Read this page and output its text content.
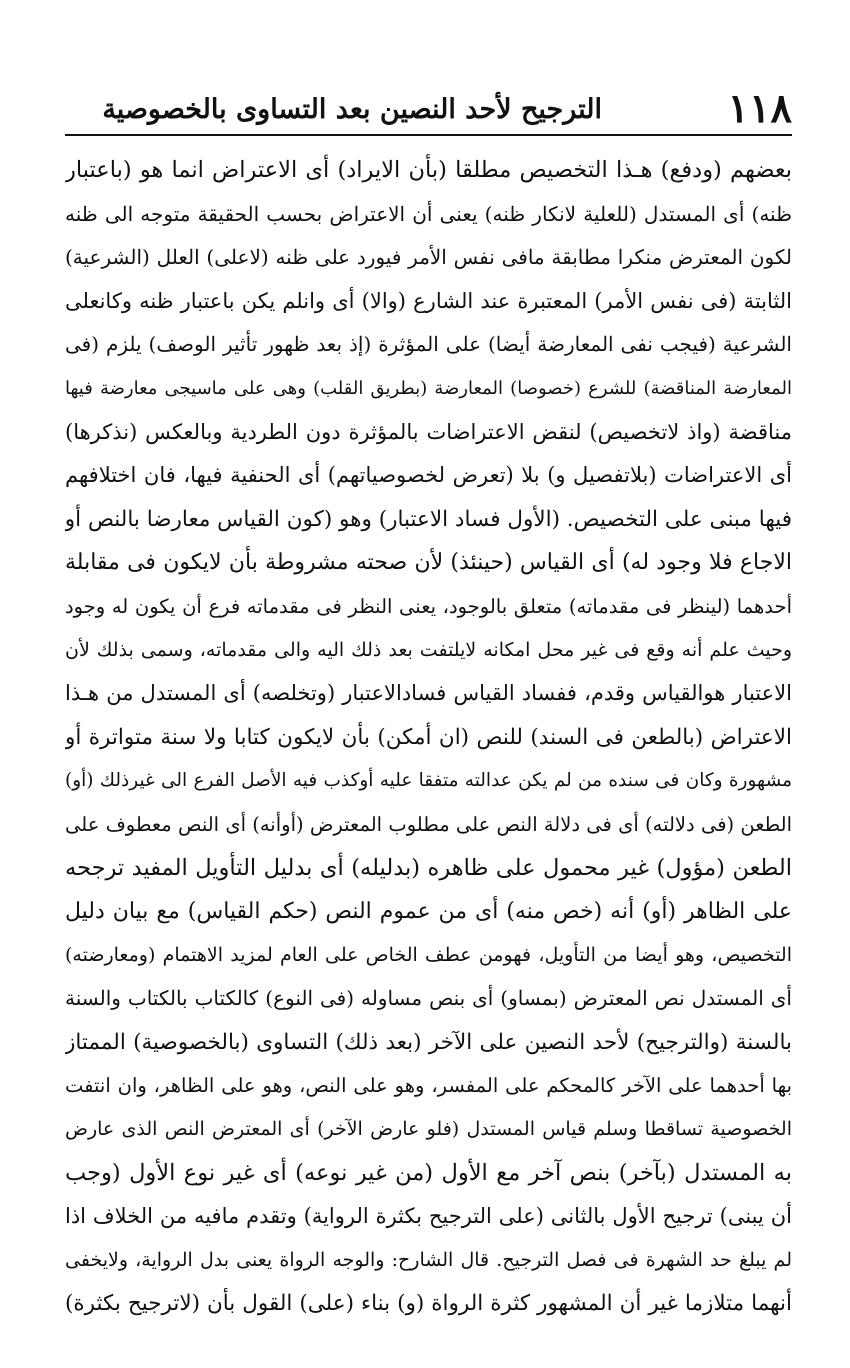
١١٨
الترجيح لأحد النصين بعد التساوى بالخصوصية
بعضهم (ودفع) هـذا التخصيص مطلقا (بأن الايراد) أى الاعتراض انما هو (باعتبار
ظنه) أى المستدل (للعلية لانكار ظنه) يعنى أن الاعتراض بحسب الحقيقة متوجه الى ظنه
لكون المعترض منكرا مطابقة مافى نفس الأمر فيورد على ظنه (لاعلى) العلل (الشرعية)
الثابتة (فى نفس الأمر) المعتبرة عند الشارع (والا) أى وانلم يكن باعتبار ظنه وكانعلى
الشرعية (فيجب نفى المعارضة أيضا) على المؤثرة (إذ بعد ظهور تأثير الوصف) يلزم (فى
المعارضة المناقضة) للشرع (خصوصا) المعارضة (بطريق القلب) وهى على ماسيجى معارضة فيها
مناقضة (واذ لاتخصيص) لنقض الاعتراضات بالمؤثرة دون الطردية وبالعكس (نذكرها)
أى الاعتراضات (بلاتفصيل و) بلا (تعرض لخصوصياتهم) أى الحنفية فيها، فان اختلافهم
فيها مبنى على التخصيص. (الأول فساد الاعتبار) وهو (كون القياس معارضا بالنص أو
الاجاع فلا وجود له) أى القياس (حينئذ) لأن صحته مشروطة بأن لايكون فى مقابلة
أحدهما (لينظر فى مقدماته) متعلق بالوجود، يعنى النظر فى مقدماته فرع أن يكون له وجود
وحيث علم أنه وقع فى غير محل امكانه لايلتفت بعد ذلك اليه والى مقدماته، وسمى بذلك لأن
الاعتبار هوالقياس وقدم، ففساد القياس فسادالاعتبار (وتخلصه) أى المستدل من هـذا
الاعتراض (بالطعن فى السند) للنص (ان أمكن) بأن لايكون كتابا ولا سنة متواترة أو
مشهورة وكان فى سنده من لم يكن عدالته متفقا عليه أوكذب فيه الأصل الفرع الى غيرذلك (أو)
الطعن (فى دلالته) أى فى دلالة النص على مطلوب المعترض (أوأنه) أى النص معطوف على
الطعن (مؤول) غير محمول على ظاهره (بدليله) أى بدليل التأويل المفيد ترجحه
على الظاهر (أو) أنه (خص منه) أى من عموم النص (حكم القياس) مع بيان دليل
التخصيص، وهو أيضا من التأويل، فهومن عطف الخاص على العام لمزيد الاهتمام (ومعارضته)
أى المستدل نص المعترض (بمساو) أى بنص مساوله (فى النوع) كالكتاب بالكتاب والسنة
بالسنة (والترجيح) لأحد النصين على الآخر (بعد ذلك) التساوى (بالخصوصية) الممتاز
بها أحدهما على الآخر كالمحكم على المفسر، وهو على النص، وهو على الظاهر، وان انتفت
الخصوصية تساقطا وسلم قياس المستدل (فلو عارض الآخر) أى المعترض النص الذى عارض
به المستدل (بآخر) بنص آخر مع الأول (من غير نوعه) أى غير نوع الأول (وجب
أن يبنى) ترجيح الأول بالثانى (على الترجيح بكثرة الرواية) وتقدم مافيه من الخلاف اذا
لم يبلغ حد الشهرة فى فصل الترجيح. قال الشارح: والوجه الرواة يعنى بدل الرواية، ولايخفى
أنهما متلازما غير أن المشهور كثرة الرواة (و) بناء (على) القول بأن (لاترجيح بكثرة)
